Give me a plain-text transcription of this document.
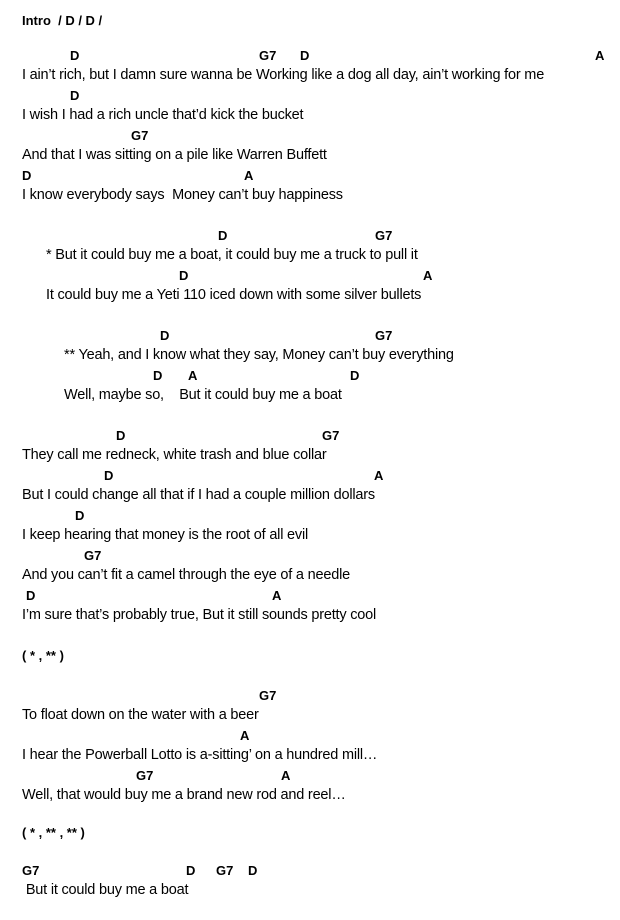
Intro  / D / D /
D	G7 D	A
I ain’t rich, but I damn sure wanna be Working like a dog all day, ain’t working for me
D
I wish I had a rich uncle that’d kick the bucket
G7
And that I was sitting on a pile like Warren Buffett
D	A
I know everybody says  Money can’t buy happiness
D	G7
* But it could buy me a boat, it could buy me a truck to pull it
D	A
It could buy me a Yeti 110 iced down with some silver bullets
D	G7
** Yeah, and I know what they say, Money can’t buy everything
D A	D
Well, maybe so,    But it could buy me a boat
D	G7
They call me redneck, white trash and blue collar
D	A
But I could change all that if I had a couple million dollars
D
I keep hearing that money is the root of all evil
G7
And you can’t fit a camel through the eye of a needle
D	A
I’m sure that’s probably true, But it still sounds pretty cool
( * , ** )
G7
To float down on the water with a beer
A
I hear the Powerball Lotto is a-sitting’ on a hundred mill…
G7	A
Well, that would buy me a brand new rod and reel…
( * , ** , ** )
G7	D G7 D
But it could buy me a boat
